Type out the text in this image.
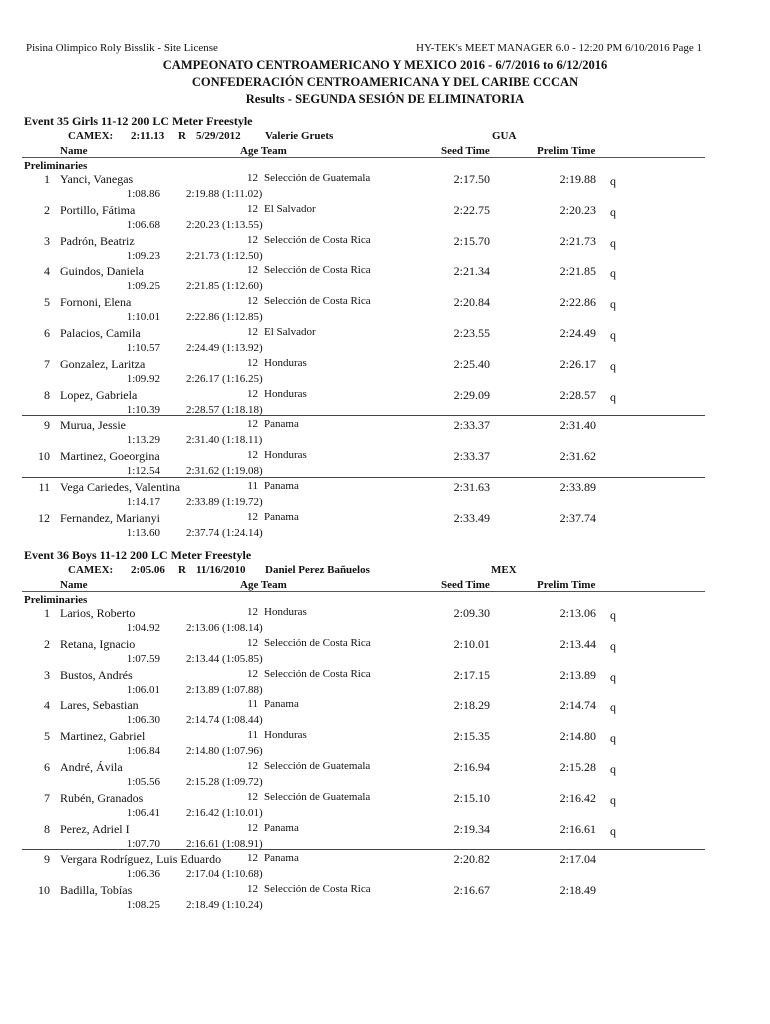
Pisina Olimpico Roly Bisslik - Site License	HY-TEK's MEET MANAGER 6.0 - 12:20 PM 6/10/2016 Page 1
CAMPEONATO CENTROAMERICANO Y MEXICO 2016 - 6/7/2016 to 6/12/2016
CONFEDERACIÓN CENTROAMERICANA Y DEL CARIBE CCCAN
Results - SEGUNDA SESIÓN DE ELIMINATORIA
Event 35 Girls 11-12 200 LC Meter Freestyle
CAMEX: 2:11.13 R 5/29/2012 Valerie Gruets	GUA
Name	Age Team	Seed Time	Prelim Time
Preliminaries
1 Yanci, Vanegas	12 Selección de Guatemala	2:17.50	2:19.88 q
1:08.86 2:19.88 (1:11.02)
2 Portillo, Fátima	12 El Salvador	2:22.75	2:20.23 q
1:06.68 2:20.23 (1:13.55)
3 Padrón, Beatriz	12 Selección de Costa Rica	2:15.70	2:21.73 q
1:09.23 2:21.73 (1:12.50)
4 Guindos, Daniela	12 Selección de Costa Rica	2:21.34	2:21.85 q
1:09.25 2:21.85 (1:12.60)
5 Fornoni, Elena	12 Selección de Costa Rica	2:20.84	2:22.86 q
1:10.01 2:22.86 (1:12.85)
6 Palacios, Camila	12 El Salvador	2:23.55	2:24.49 q
1:10.57 2:24.49 (1:13.92)
7 Gonzalez, Laritza	12 Honduras	2:25.40	2:26.17 q
1:09.92 2:26.17 (1:16.25)
8 Lopez, Gabriela	12 Honduras	2:29.09	2:28.57 q
1:10.39 2:28.57 (1:18.18)
9 Murua, Jessie	12 Panama	2:33.37	2:31.40
1:13.29 2:31.40 (1:18.11)
10 Martinez, Goeorgina	12 Honduras	2:33.37	2:31.62
1:12.54 2:31.62 (1:19.08)
11 Vega Cariedes, Valentina	11 Panama	2:31.63	2:33.89
1:14.17 2:33.89 (1:19.72)
12 Fernandez, Marianyi	12 Panama	2:33.49	2:37.74
1:13.60 2:37.74 (1:24.14)
Event 36 Boys 11-12 200 LC Meter Freestyle
CAMEX: 2:05.06 R 11/16/2010 Daniel Perez Bañuelos	MEX
Name	Age Team	Seed Time	Prelim Time
Preliminaries
1 Larios, Roberto	12 Honduras	2:09.30	2:13.06 q
1:04.92 2:13.06 (1:08.14)
2 Retana, Ignacio	12 Selección de Costa Rica	2:10.01	2:13.44 q
1:07.59 2:13.44 (1:05.85)
3 Bustos, Andrés	12 Selección de Costa Rica	2:17.15	2:13.89 q
1:06.01 2:13.89 (1:07.88)
4 Lares, Sebastian	11 Panama	2:18.29	2:14.74 q
1:06.30 2:14.74 (1:08.44)
5 Martinez, Gabriel	11 Honduras	2:15.35	2:14.80 q
1:06.84 2:14.80 (1:07.96)
6 André, Ávila	12 Selección de Guatemala	2:16.94	2:15.28 q
1:05.56 2:15.28 (1:09.72)
7 Rubén, Granados	12 Selección de Guatemala	2:15.10	2:16.42 q
1:06.41 2:16.42 (1:10.01)
8 Perez, Adriel I	12 Panama	2:19.34	2:16.61 q
1:07.70 2:16.61 (1:08.91)
9 Vergara Rodríguez, Luis Eduardo 12 Panama	2:20.82	2:17.04
1:06.36 2:17.04 (1:10.68)
10 Badilla, Tobías	12 Selección de Costa Rica	2:16.67	2:18.49
1:08.25 2:18.49 (1:10.24)
